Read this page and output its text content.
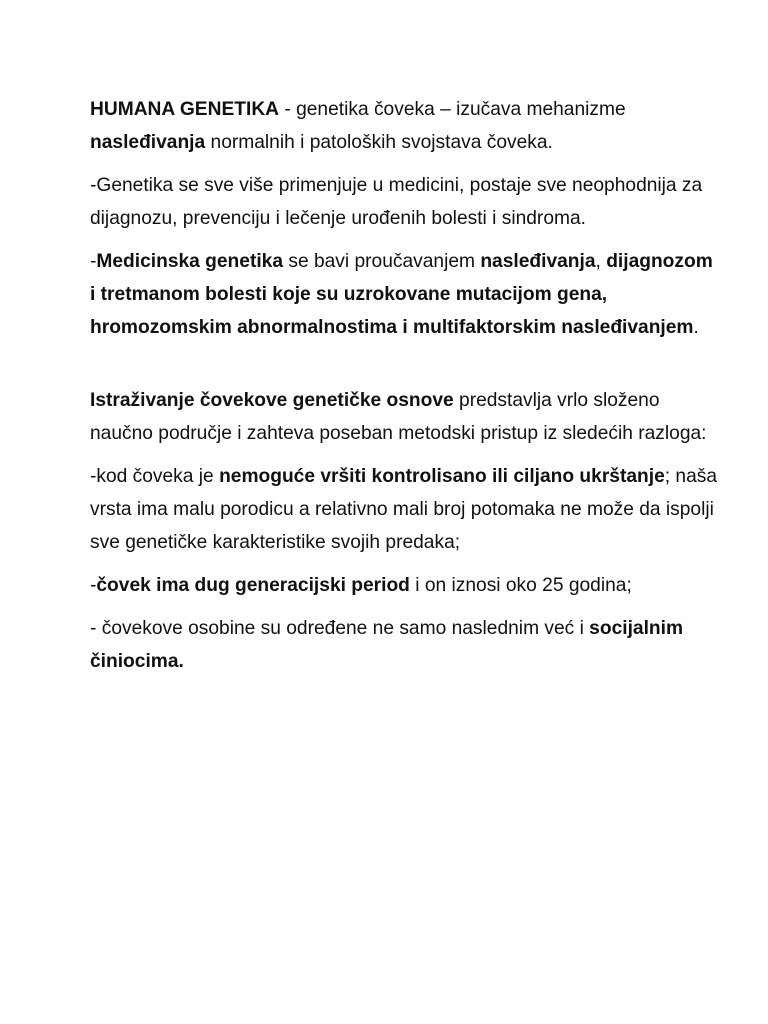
HUMANA GENETIKA - genetika čoveka – izučava mehanizme nasleđivanja normalnih i patoloških svojstava čoveka.

-Genetika se sve više primenjuje u medicini, postaje sve neophodnija za dijagnozu, prevenciju i lečenje urođenih bolesti i sindroma.

-Medicinska genetika se bavi proučavanjem nasleđivanja, dijagnozom i tretmanom bolesti koje su uzrokovane mutacijom gena, hromozomskim abnormalnostima i multifaktorskim nasleđivanjem.

Istraživanje čovekove genetičke osnove predstavlja vrlo složeno naučno područje i zahteva poseban metodski pristup iz sledećih razloga:

-kod čoveka je nemoguće vršiti kontrolisano ili ciljano ukrštanje; naša vrsta ima malu porodicu a relativno mali broj potomaka ne može da ispolji sve genetičke karakteristike svojih predaka;

-čovek ima dug generacijski period i on iznosi oko 25 godina;

- čovekove osobine su određene ne samo naslednim već i socijalnim činiocima.
